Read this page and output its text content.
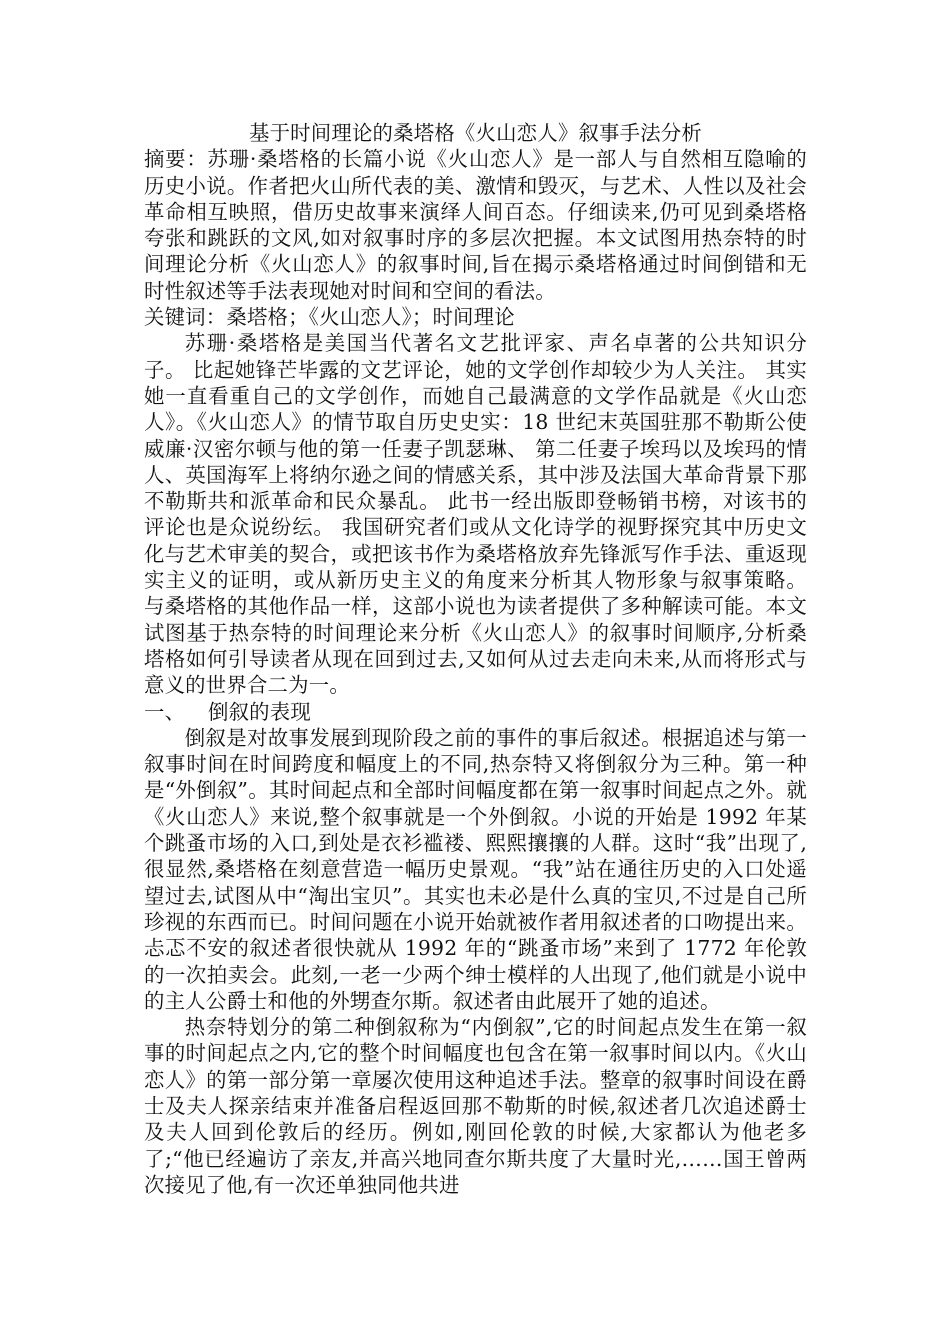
基于时间理论的桑塔格《火山恋人》叙事手法分析

摘要：苏珊·桑塔格的长篇小说《火山恋人》是一部人与自然相互隐喻的历史小说。作者把火山所代表的美、激情和毁灭，与艺术、人性以及社会革命相互映照，借历史故事来演绎人间百态。仔细读来,仍可见到桑塔格夸张和跳跃的文风,如对叙事时序的多层次把握。本文试图用热奈特的时间理论分析《火山恋人》的叙事时间,旨在揭示桑塔格通过时间倒错和无时性叙述等手法表现她对时间和空间的看法。

关键词：桑塔格；《火山恋人》；时间理论

苏珊·桑塔格是美国当代著名文艺批评家、声名卓著的公共知识分子。 比起她锋芒毕露的文艺评论，她的文学创作却较少为人关注。 其实她一直看重自己的文学创作，而她自己最满意的文学作品就是《火山恋人》。《火山恋人》的情节取自历史史实：18 世纪末英国驻那不勒斯公使威廉·汉密尔顿与他的第一任妻子凯瑟琳、 第二任妻子埃玛以及埃玛的情人、英国海军上将纳尔逊之间的情感关系，其中涉及法国大革命背景下那不勒斯共和派革命和民众暴乱。 此书一经出版即登畅销书榜，对该书的评论也是众说纷纭。 我国研究者们或从文化诗学的视野探究其中历史文化与艺术审美的契合，或把该书作为桑塔格放弃先锋派写作手法、重返现实主义的证明，或从新历史主义的角度来分析其人物形象与叙事策略。 与桑塔格的其他作品一样，这部小说也为读者提供了多种解读可能。本文试图基于热奈特的时间理论来分析《火山恋人》的叙事时间顺序,分析桑塔格如何引导读者从现在回到过去,又如何从过去走向未来,从而将形式与意义的世界合二为一。

一、 倒叙的表现

倒叙是对故事发展到现阶段之前的事件的事后叙述。根据追述与第一叙事时间在时间跨度和幅度上的不同,热奈特又将倒叙分为三种。第一种是“外倒叙”。其时间起点和全部时间幅度都在第一叙事时间起点之外。就《火山恋人》来说,整个叙事就是一个外倒叙。小说的开始是 1992 年某个跳蚤市场的入口,到处是衣衫褴褛、熙熙攘攘的人群。这时“我”出现了,很显然,桑塔格在刻意营造一幅历史景观。“我”站在通往历史的入口处遥望过去,试图从中“淘出宝贝”。其实也未必是什么真的宝贝,不过是自己所珍视的东西而已。时间问题在小说开始就被作者用叙述者的口吻提出来。忐忑不安的叙述者很快就从 1992 年的“跳蚤市场”来到了 1772 年伦敦的一次拍卖会。此刻,一老一少两个绅士模样的人出现了,他们就是小说中的主人公爵士和他的外甥查尔斯。叙述者由此展开了她的追述。

热奈特划分的第二种倒叙称为“内倒叙”,它的时间起点发生在第一叙事的时间起点之内,它的整个时间幅度也包含在第一叙事时间以内。《火山恋人》的第一部分第一章屡次使用这种追述手法。整章的叙事时间设在爵士及夫人探亲结束并准备启程返回那不勒斯的时候,叙述者几次追述爵士及夫人回到伦敦后的经历。例如,刚回伦敦的时候,大家都认为他老多了;“他已经遍访了亲友,并高兴地同查尔斯共度了大量时光,……国王曾两次接见了他,有一次还单独同他共进
